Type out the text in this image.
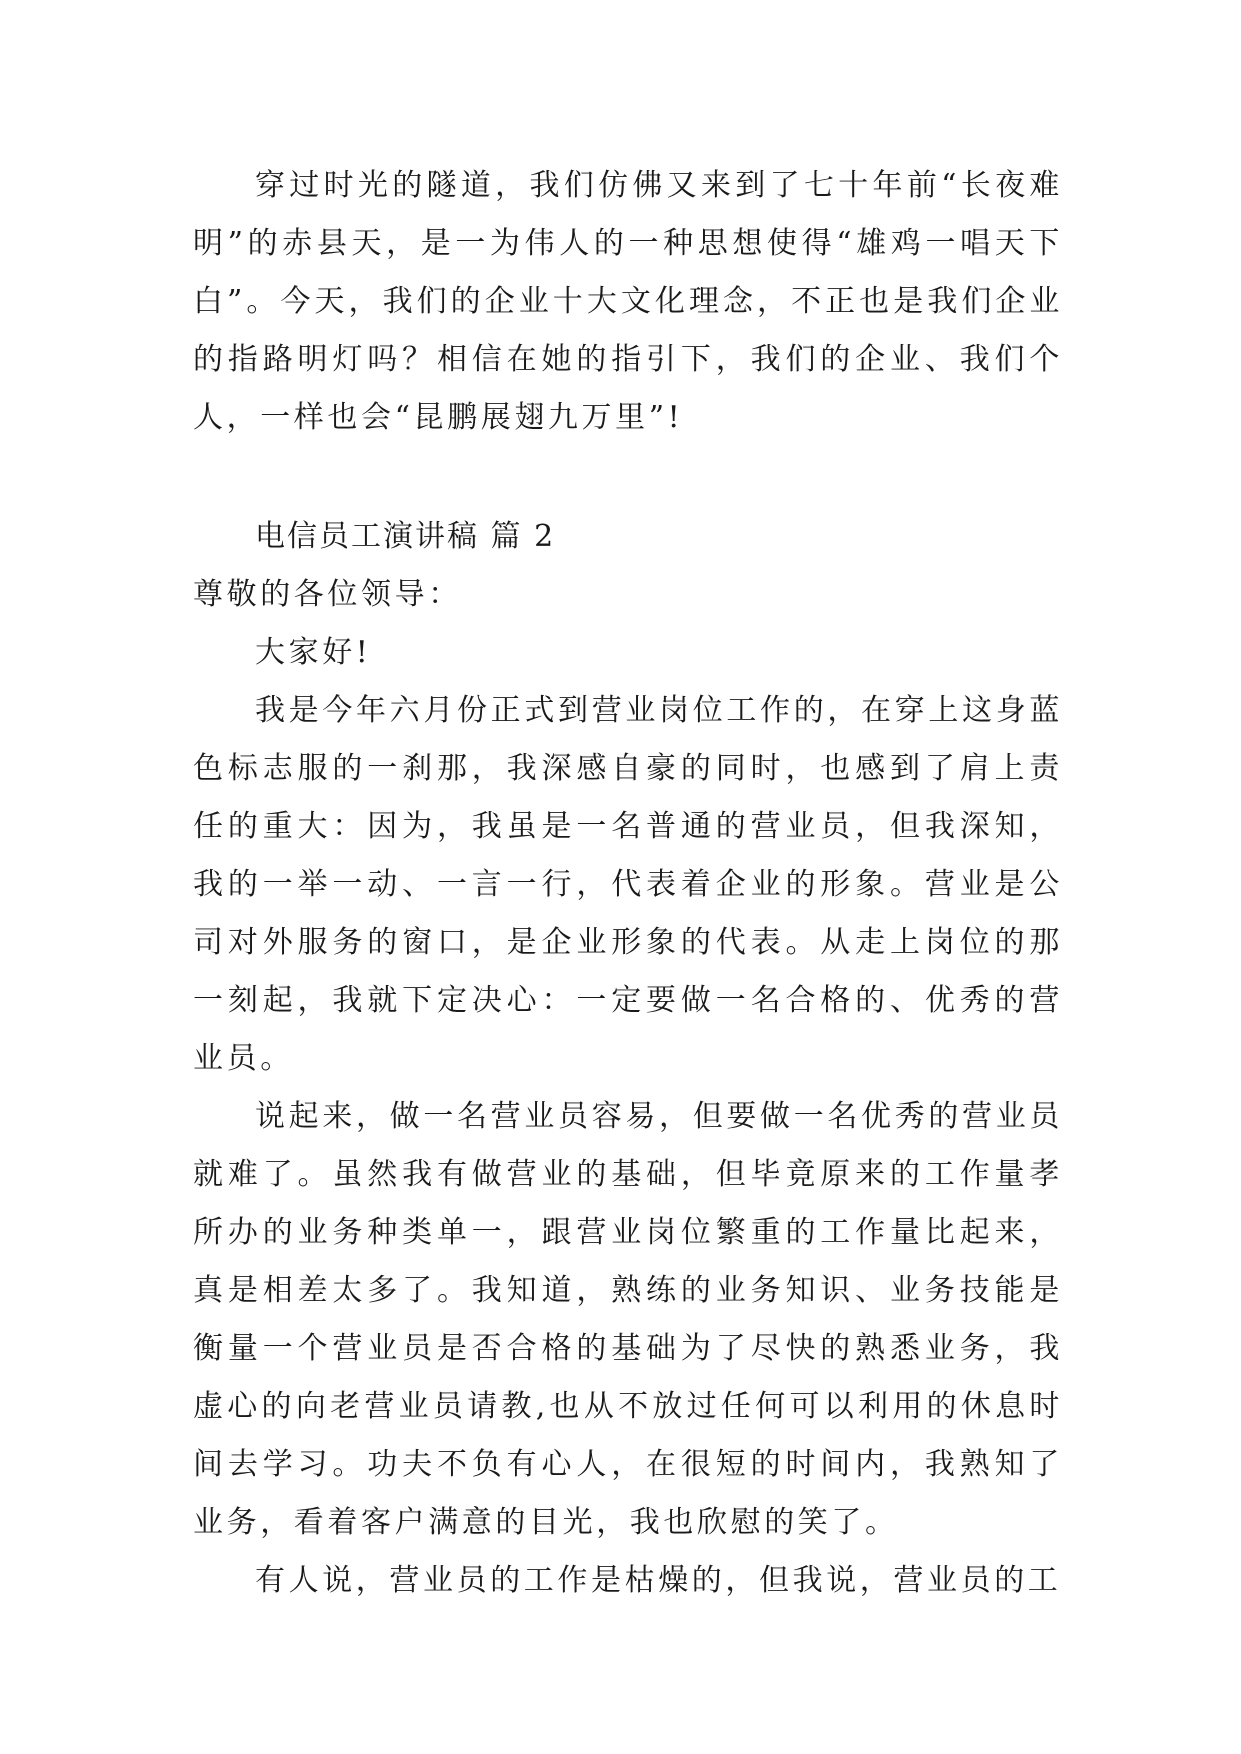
穿过时光的隧道，我们仿佛又来到了七十年前“长夜难明”的赤县天，是一为伟人的一种思想使得“雄鸡一唱天下白”。今天，我们的企业十大文化理念，不正也是我们企业的指路明灯吗？相信在她的指引下，我们的企业、我们个人，一样也会“昆鹏展翅九万里”!

电信员工演讲稿 篇 2

尊敬的各位领导：

大家好!

我是今年六月份正式到营业岗位工作的，在穿上这身蓝色标志服的一刹那，我深感自豪的同时，也感到了肩上责任的重大：因为，我虽是一名普通的营业员，但我深知，我的一举一动、一言一行，代表着企业的形象。营业是公司对外服务的窗口，是企业形象的代表。从走上岗位的那一刻起，我就下定决心：一定要做一名合格的、优秀的营业员。

说起来，做一名营业员容易，但要做一名优秀的营业员就难了。虽然我有做营业的基础，但毕竟原来的工作量孝所办的业务种类单一，跟营业岗位繁重的工作量比起来，真是相差太多了。我知道，熟练的业务知识、业务技能是衡量一个营业员是否合格的基础为了尽快的熟悉业务，我虚心的向老营业员请教,也从不放过任何可以利用的休息时间去学习。功夫不负有心人，在很短的时间内，我熟知了业务，看着客户满意的目光，我也欣慰的笑了。

有人说，营业员的工作是枯燥的，但我说，营业员的工
